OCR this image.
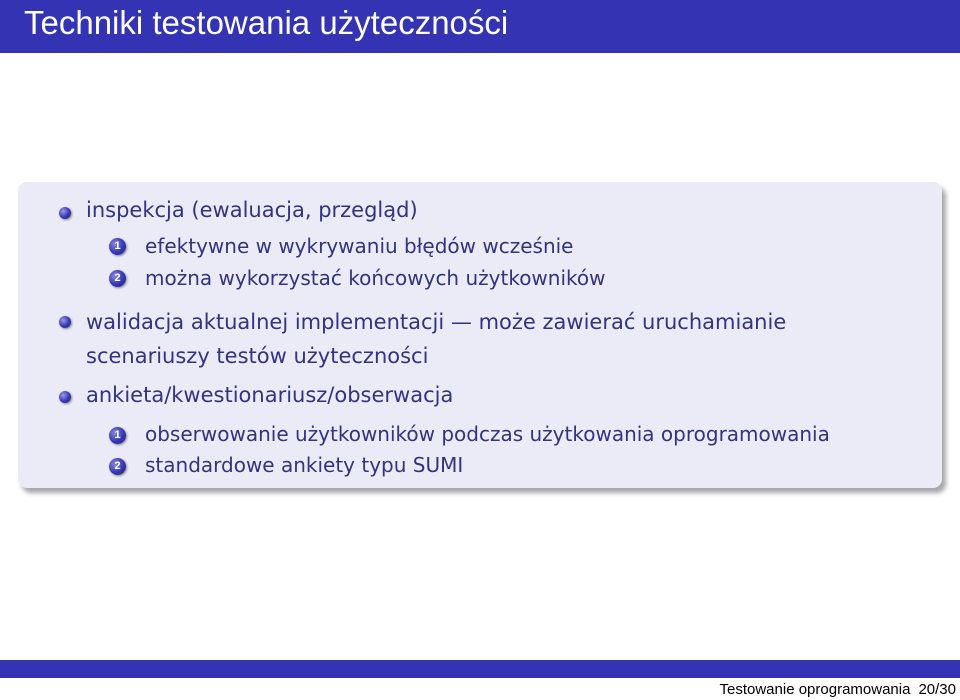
Techniki testowania użyteczności
inspekcja (ewaluacja, przegląd)
1 efektywne w wykrywaniu błędów wcześnie
2 można wykorzystać końcowych użytkowników
walidacja aktualnej implementacji — może zawierać uruchamianie
scenariuszy testów użyteczności
ankieta/kwestionariusz/obserwacja
1 obserwowanie użytkowników podczas użytkowania oprogramowania
2 standardowe ankiety typu SUMI
Testowanie oprogramowania 20/30
